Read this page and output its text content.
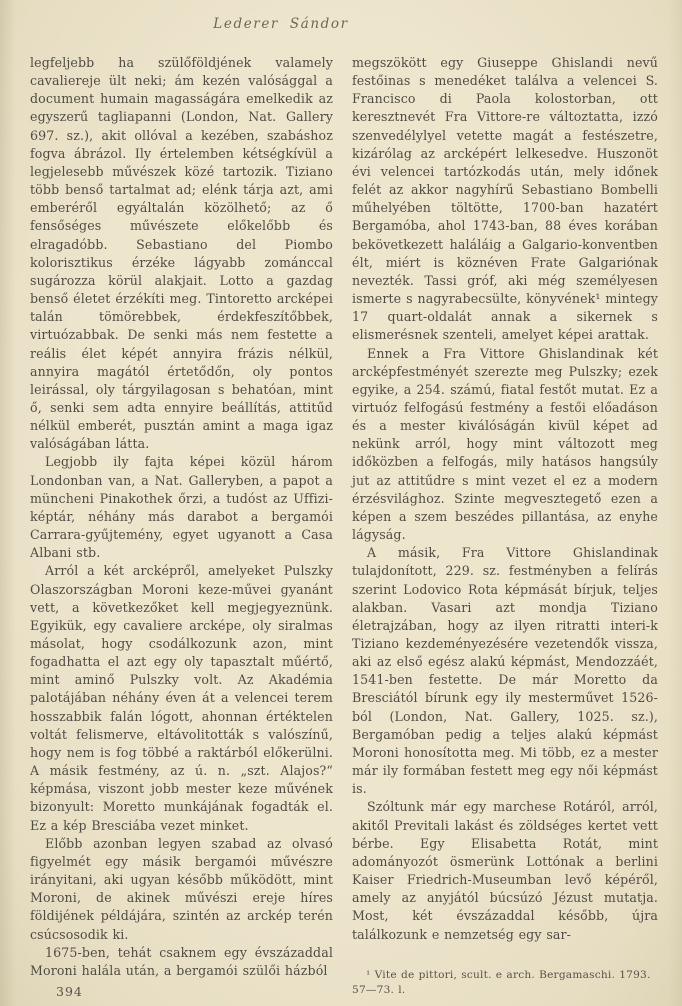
Lederer Sándor

legfeljebb ha szülőföldjének valamely cavaliereje ült neki; ám kezén valósággal a document humain magasságára emelkedik az egyszerű tagliapanni (London, Nat. Gallery 697. sz.), akit ollóval a kezében, szabáshoz fogva ábrázol. Ily értelemben kétségkívül a legjelesebb művészek közé tartozik. Tiziano több benső tartalmat ad; elénk tárja azt, ami emberéről egyáltalán közölhető; az ő fensőséges művészete előkelőbb és elragadóbb. Sebastiano del Piombo kolorisztikus érzéke lágyabb zománccal sugározza körül alakjait. Lotto a gazdag benső életet érzékíti meg. Tintoretto arcképei talán tömörebbek, érdekfeszítőbbek, virtuózabbak. De senki más nem festette a reális élet képét annyira frázis nélkül, annyira magától értetődőn, oly pontos leirással, oly tárgyilagosan s behatóan, mint ő, senki sem adta ennyire beállítás, attitűd nélkül emberét, pusztán amint a maga igaz valóságában látta.

Legjobb ily fajta képei közül három Londonban van, a Nat. Galleryben, a papot a müncheni Pinakothek őrzi, a tudóst az Uffizi-képtár, néhány más darabot a bergamói Carrara-gyűjtemény, egyet ugyanott a Casa Albani stb.

Arról a két arcképről, amelyeket Pulszky Olaszországban Moroni keze-művei gyanánt vett, a következőket kell megjegyeznünk. Egyikük, egy cavaliere arcképe, oly siralmas másolat, hogy csodálkozunk azon, mint fogadhatta el azt egy oly tapasztalt műértő, mint aminő Pulszky volt. Az Akadémia palotájában néhány éven át a velencei terem hosszabbik falán lógott, ahonnan értéktelen voltát felismerve, eltávolitották s valószínű, hogy nem is fog többé a raktárból előkerülni. A másik festmény, az ú. n. „szt. Alajos?“ képmása, viszont jobb mester keze művének bizonyult: Moretto munkájának fogadták el. Ez a kép Bresciába vezet minket.

Előbb azonban legyen szabad az olvasó figyelmét egy másik bergamói művészre irányitani, aki ugyan később működött, mint Moroni, de akinek művészi ereje híres földijének példájára, szintén az arckép terén csúcsosodik ki.

1675-ben, tehát csaknem egy évszázaddal Moroni halála után, a bergamói szülői házból

394

megszökött egy Giuseppe Ghislandi nevű festőinas s menedéket találva a velencei S. Francisco di Paola kolostorban, ott keresztnevét Fra Vittore-re változtatta, izzó szenvedélylyel vetette magát a festészetre, kizárólag az arcképért lelkesedve. Huszonöt évi velencei tartózkodás után, mely időnek felét az akkor nagyhírű Sebastiano Bombelli műhelyében töltötte, 1700-ban hazatért Bergamóba, ahol 1743-ban, 88 éves korában bekövetkezett haláláig a Galgario-konventben élt, miért is köznéven Frate Galgariónak nevezték. Tassi gróf, aki még személyesen ismerte s nagyrabecsülte, könyvének¹ mintegy 17 quart-oldalát annak a sikernek s elismerésnek szenteli, amelyet képei arattak.

Ennek a Fra Vittore Ghislandinak két arcképfestményét szerezte meg Pulszky; ezek egyike, a 254. számú, fiatal festőt mutat. Ez a virtuóz felfogású festmény a festői előadáson és a mester kiválóságán kivül képet ad nekünk arról, hogy mint változott meg időközben a felfogás, mily hatásos hangsúly jut az attitűdre s mint vezet el ez a modern érzésvilághoz. Szinte megvesztegető ezen a képen a szem beszédes pillantása, az enyhe lágyság.

A másik, Fra Vittore Ghislandinak tulajdonított, 229. sz. festményben a felírás szerint Lodovico Rota képmását bírjuk, teljes alakban. Vasari azt mondja Tiziano életrajzában, hogy az ilyen ritratti interi-k Tiziano kezdeményezésére vezetendők vissza, aki az első egész alakú képmást, Mendozzáét, 1541-ben festette. De már Moretto da Bresciától bírunk egy ily mesterművet 1526-ból (London, Nat. Gallery, 1025. sz.), Bergamóban pedig a teljes alakú képmást Moroni honosította meg. Mi több, ez a mester már ily formában festett meg egy női képmást is.

Szóltunk már egy marchese Rotáról, arról, akitől Previtali lakást és zöldséges kertet vett bérbe. Egy Elisabetta Rotát, mint adományozót ösmerünk Lottónak a berlini Kaiser Friedrich-Museumban levő képéről, amely az anyjától búcsúzó Jézust mutatja. Most, két évszázaddal később, újra találkozunk e nemzetség egy sar-

¹ Vite de pittori, scult. e arch. Bergamaschi. 1793. 57—73. l.
